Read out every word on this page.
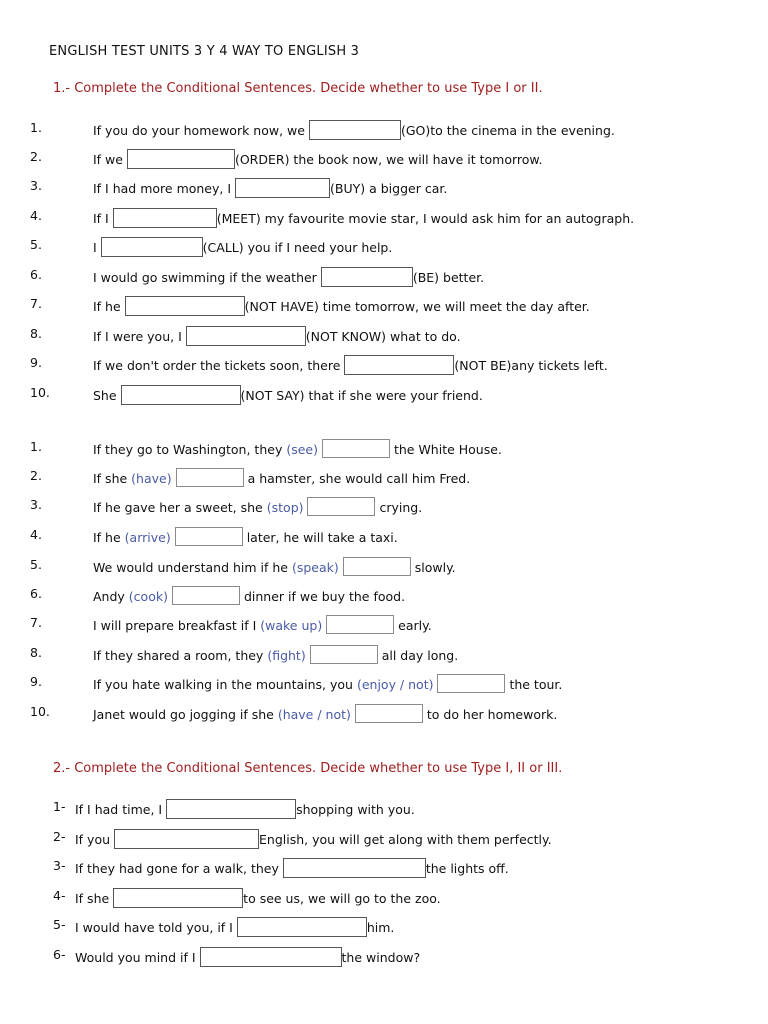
ENGLISH TEST UNITS 3 Y 4 WAY TO ENGLISH 3
1.- Complete the Conditional Sentences. Decide whether to use Type I or II.
1.	If you do your homework now, we	(GO)to the cinema in the evening.
2.	If we	(ORDER) the book now, we will have it tomorrow.
3.	If I had more money, I	(BUY) a bigger car.
4.	If I	(MEET) my favourite movie star, I would ask him for an autograph.
5.	I	(CALL) you if I need your help.
6.	I would go swimming if the weather	(BE) better.
7.	If he	(NOT HAVE) time tomorrow, we will meet the day after.
8.	If I were you, I	(NOT KNOW) what to do.
9.	If we don't order the tickets soon, there	(NOT BE)any tickets left.
10.	She	(NOT SAY) that if she were your friend.
1.	If they go to Washington, they (see)	the White House.
2.	If she (have)	a hamster, she would call him Fred.
3.	If he gave her a sweet, she (stop)	crying.
4.	If he (arrive)	later, he will take a taxi.
5.	We would understand him if he (speak)	slowly.
6.	Andy (cook)	dinner if we buy the food.
7.	I will prepare breakfast if I (wake up)	early.
8.	If they shared a room, they (fight)	all day long.
9.	If you hate walking in the mountains, you (enjoy / not)	the tour.
10.	Janet would go jogging if she (have / not)	to do her homework.
2.- Complete the Conditional Sentences. Decide whether to use Type I, II or III.
1- If I had time, I	shopping with you.
2- If you	English, you will get along with them perfectly.
3- If they had gone for a walk, they	the lights off.
4- If she	to see us, we will go to the zoo.
5- I would have told you, if I	him.
6- Would you mind if I	the window?
